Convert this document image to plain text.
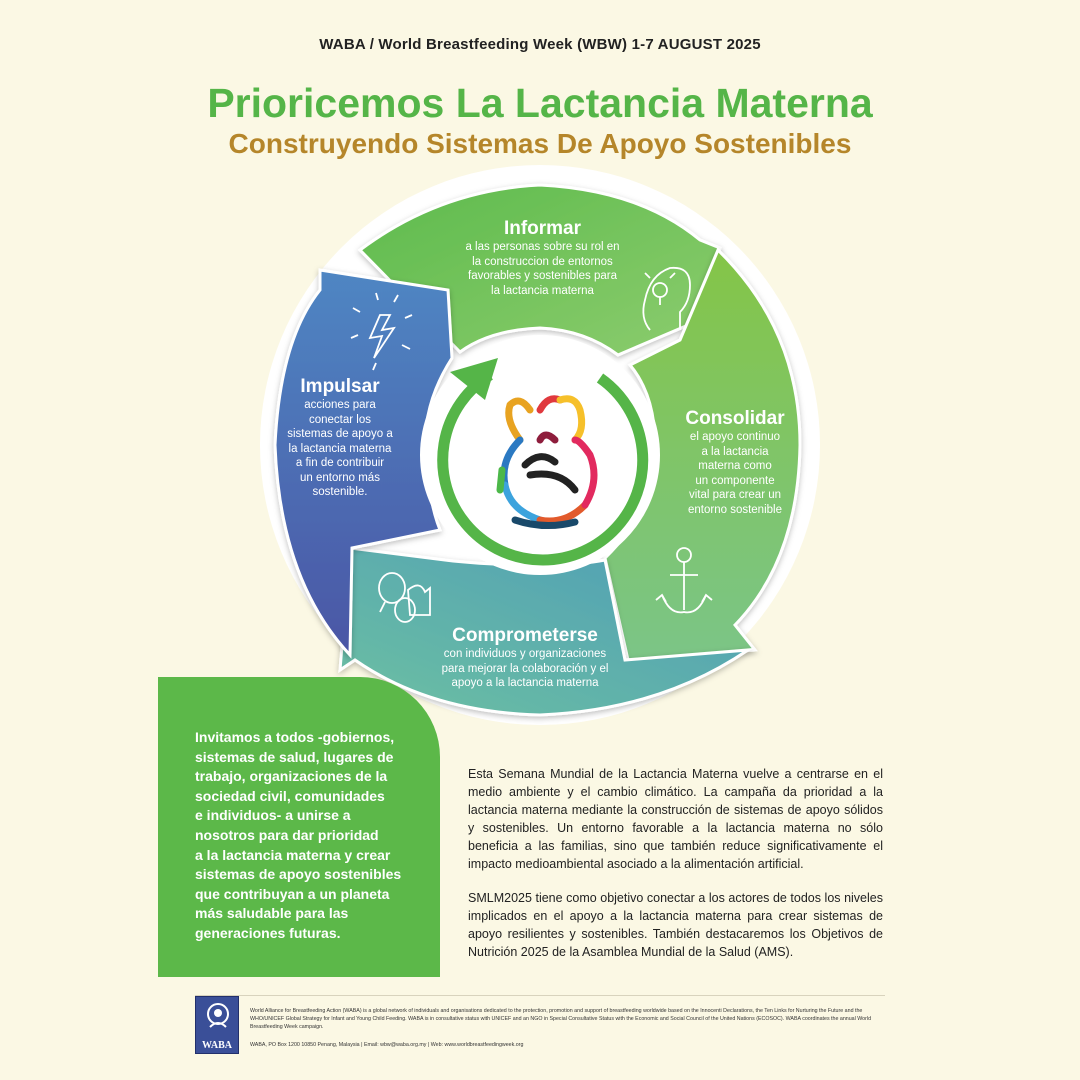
WABA / World Breastfeeding Week (WBW) 1-7 AUGUST 2025
Prioricemos La Lactancia Materna
Construyendo Sistemas De Apoyo Sostenibles
Informar
a las personas sobre su rol en
la construccion de entornos
favorables y sostenibles para
la lactancia materna
Impulsar
acciones para
conectar los
sistemas de apoyo a
la lactancia materna
a fin de contribuir
un entorno más
sostenible.
Consolidar
el apoyo continuo
a la lactancia
materna como
un componente
vital para crear un
entorno sostenible
Comprometerse
con individuos y organizaciones
para mejorar la colaboración y el
apoyo a la lactancia materna
Invitamos a todos -gobiernos,
sistemas de salud, lugares de
trabajo, organizaciones de la
sociedad civil, comunidades
e individuos- a unirse a
nosotros para dar prioridad
a la lactancia materna y crear
sistemas de apoyo sostenibles
que contribuyan a un planeta
más saludable para las
generaciones futuras.

Esta Semana Mundial de la Lactancia Materna vuelve a centrarse en el medio ambiente y el cambio climático. La campaña da prioridad a la lactancia materna mediante la construcción de sistemas de apoyo sólidos y sostenibles. Un entorno favorable a la lactancia materna no sólo beneficia a las familias, sino que también reduce significativamente el impacto medioambiental asociado a la alimentación artificial.

SMLM2025 tiene como objetivo conectar a los actores de todos los niveles implicados en el apoyo a la lactancia materna para crear sistemas de apoyo resilientes y sostenibles. También destacaremos los Objetivos de Nutrición 2025 de la Asamblea Mundial de la Salud (AMS).

WABA
World Alliance for Breastfeeding Action (WABA) is a global network of individuals and organisations dedicated to the protection, promotion and support of breastfeeding worldwide based on the Innocenti Declarations, the Ten Links for Nurturing the Future and the WHO/UNICEF Global Strategy for Infant and Young Child Feeding. WABA is in consultative status with UNICEF and an NGO in Special Consultative Status with the Economic and Social Council of the United Nations (ECOSOC). WABA coordinates the annual World Breastfeeding Week campaign.
WABA, PO Box 1200 10850 Penang, Malaysia | Email: wbw@waba.org.my | Web: www.worldbreastfeedingweek.org
